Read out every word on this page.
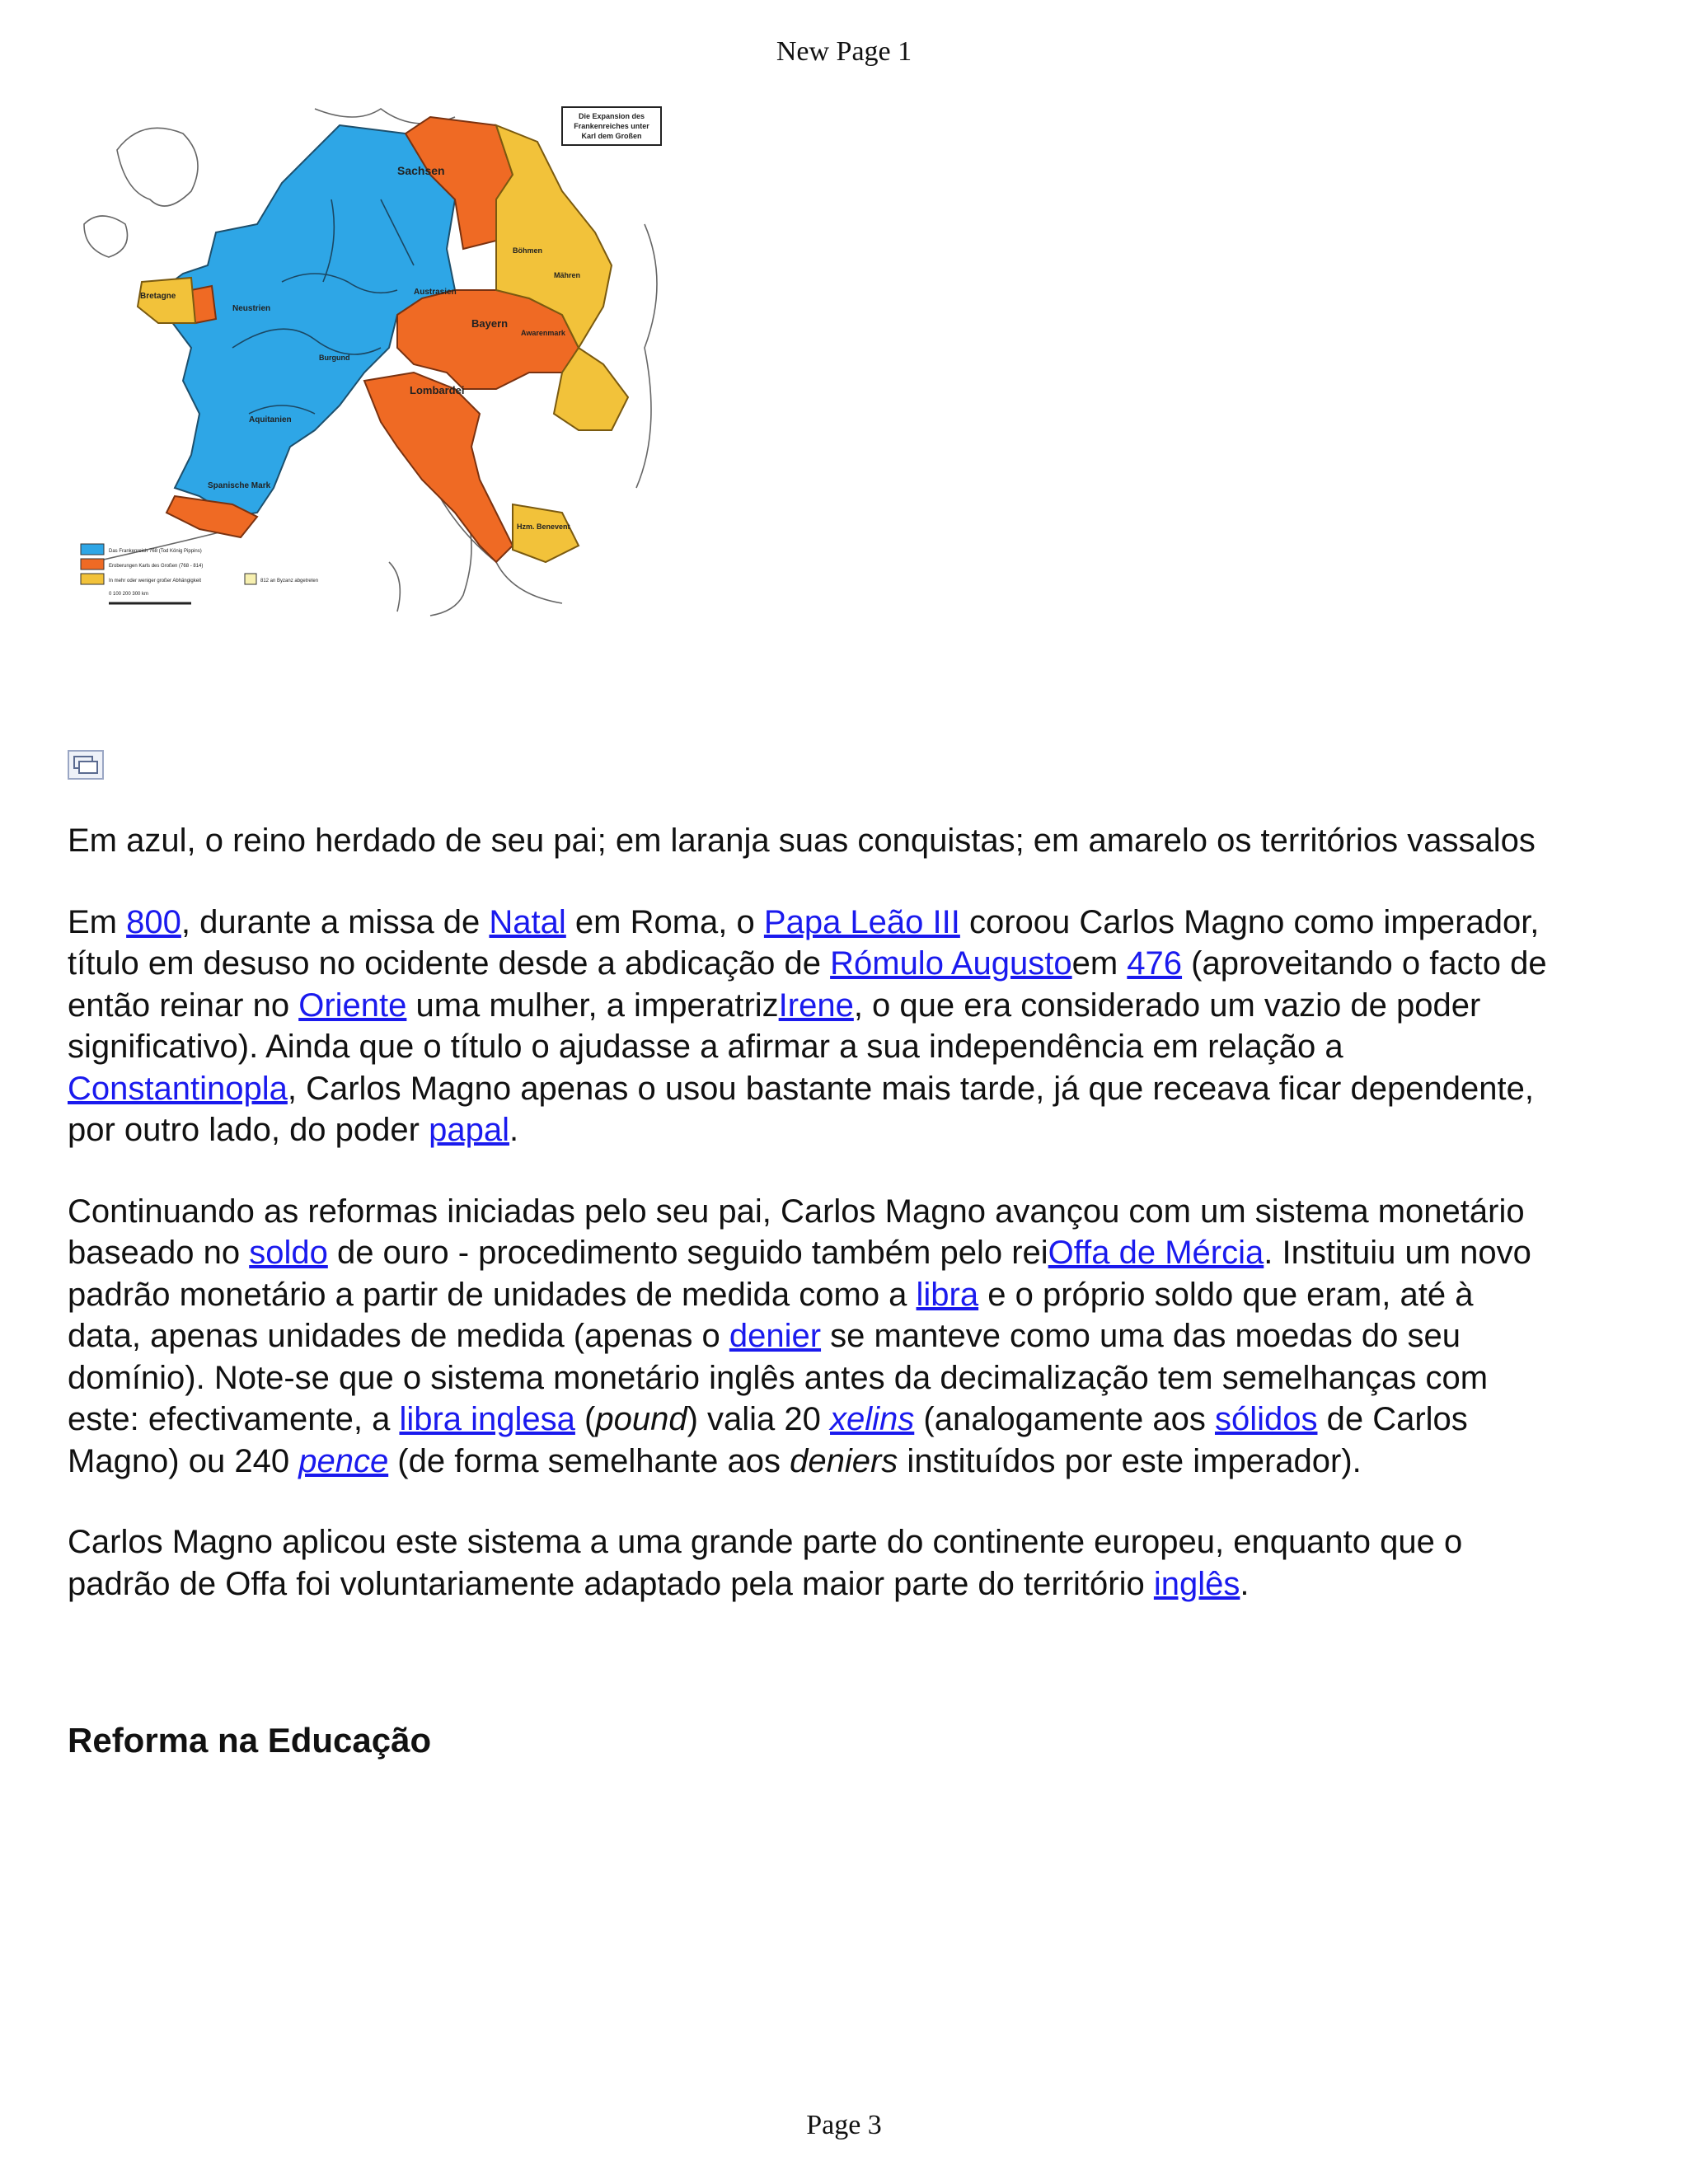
New Page 1
Die Expansion des
Frankenreiches unter
Karl dem Großen
Sachsen
Bretagne
Neustrien
Austrasien
Bayern
Awarenmark
Lombardei
Aquitanien
Spanische Mark
Burgund
Böhmen
Mähren
Hzm. Benevent
Das Frankenreich 768 (Tod König Pippins)
Eroberungen Karls des Großen (768 - 814)
In mehr oder weniger großer Abhängigkeit	812 an Byzanz abgetreten
0 100 200 300 km

Em azul, o reino herdado de seu pai; em laranja suas conquistas; em amarelo os territórios vassalos

Em 800, durante a missa de Natal em Roma, o Papa Leão III coroou Carlos Magno como imperador, título em desuso no ocidente desde a abdicação de Rómulo Augustoem 476 (aproveitando o facto de então reinar no Oriente uma mulher, a imperatrizIrene, o que era considerado um vazio de poder significativo). Ainda que o título o ajudasse a afirmar a sua independência em relação a Constantinopla, Carlos Magno apenas o usou bastante mais tarde, já que receava ficar dependente, por outro lado, do poder papal.

Continuando as reformas iniciadas pelo seu pai, Carlos Magno avançou com um sistema monetário baseado no soldo de ouro - procedimento seguido também pelo reiOffa de Mércia. Instituiu um novo padrão monetário a partir de unidades de medida como a libra e o próprio soldo que eram, até à data, apenas unidades de medida (apenas o denier se manteve como uma das moedas do seu domínio). Note-se que o sistema monetário inglês antes da decimalização tem semelhanças com este: efectivamente, a libra inglesa (pound) valia 20 xelins (analogamente aos sólidos de Carlos Magno) ou 240 pence (de forma semelhante aos deniers instituídos por este imperador).

Carlos Magno aplicou este sistema a uma grande parte do continente europeu, enquanto que o padrão de Offa foi voluntariamente adaptado pela maior parte do território inglês.

Reforma na Educação
Page 3
